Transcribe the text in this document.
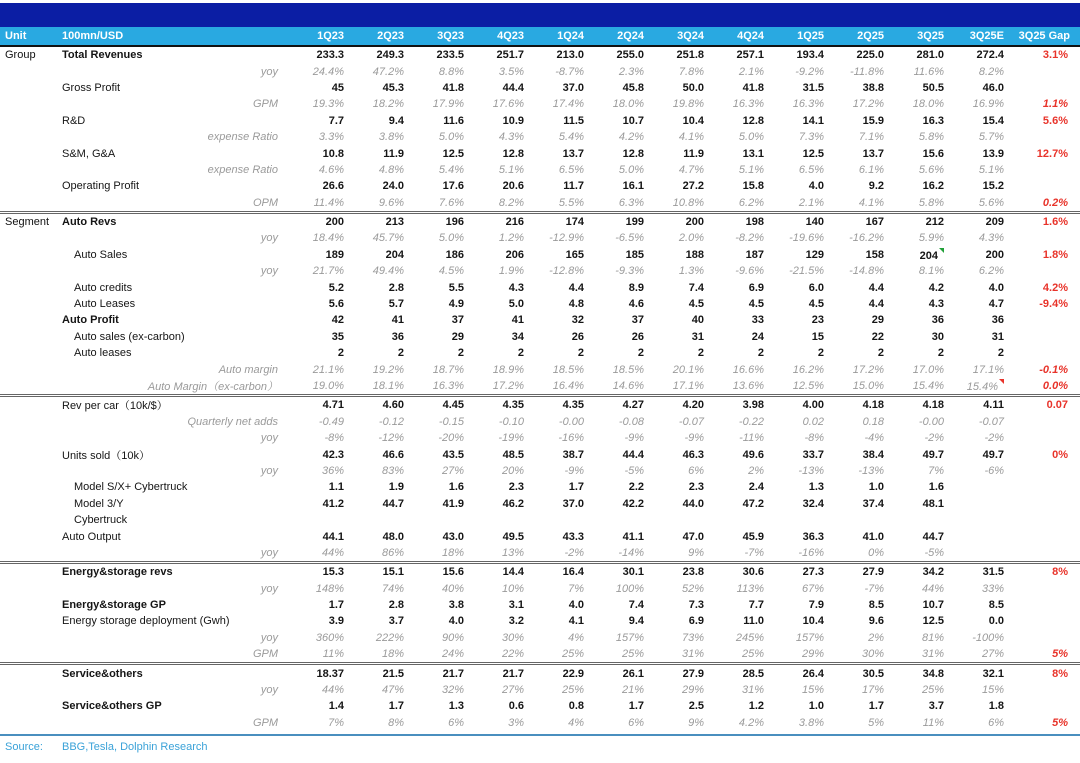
Unit	100mn/USD	1Q23	2Q23	3Q23	4Q23	1Q24	2Q24	3Q24	4Q24	1Q25	2Q25	3Q25	3Q25E	3Q25 Gap
Group	Total Revenues	233.3	249.3	233.5	251.7	213.0	255.0	251.8	257.1	193.4	225.0	281.0	272.4	3.1%
	yoy	24.4%	47.2%	8.8%	3.5%	-8.7%	2.3%	7.8%	2.1%	-9.2%	-11.8%	11.6%	8.2%	
	Gross Profit	45	45.3	41.8	44.4	37.0	45.8	50.0	41.8	31.5	38.8	50.5	46.0	
	GPM	19.3%	18.2%	17.9%	17.6%	17.4%	18.0%	19.8%	16.3%	16.3%	17.2%	18.0%	16.9%	1.1%
	R&D	7.7	9.4	11.6	10.9	11.5	10.7	10.4	12.8	14.1	15.9	16.3	15.4	5.6%
	expense Ratio	3.3%	3.8%	5.0%	4.3%	5.4%	4.2%	4.1%	5.0%	7.3%	7.1%	5.8%	5.7%	
	S&M, G&A	10.8	11.9	12.5	12.8	13.7	12.8	11.9	13.1	12.5	13.7	15.6	13.9	12.7%
	expense Ratio	4.6%	4.8%	5.4%	5.1%	6.5%	5.0%	4.7%	5.1%	6.5%	6.1%	5.6%	5.1%	
	Operating Profit	26.6	24.0	17.6	20.6	11.7	16.1	27.2	15.8	4.0	9.2	16.2	15.2	
	OPM	11.4%	9.6%	7.6%	8.2%	5.5%	6.3%	10.8%	6.2%	2.1%	4.1%	5.8%	5.6%	0.2%
Segment	Auto Revs	200	213	196	216	174	199	200	198	140	167	212	209	1.6%
	yoy	18.4%	45.7%	5.0%	1.2%	-12.9%	-6.5%	2.0%	-8.2%	-19.6%	-16.2%	5.9%	4.3%	
	Auto Sales	189	204	186	206	165	185	188	187	129	158	204	200	1.8%
	yoy	21.7%	49.4%	4.5%	1.9%	-12.8%	-9.3%	1.3%	-9.6%	-21.5%	-14.8%	8.1%	6.2%	
	Auto credits	5.2	2.8	5.5	4.3	4.4	8.9	7.4	6.9	6.0	4.4	4.2	4.0	4.2%
	Auto Leases	5.6	5.7	4.9	5.0	4.8	4.6	4.5	4.5	4.5	4.4	4.3	4.7	-9.4%
	Auto Profit	42	41	37	41	32	37	40	33	23	29	36	36	
	Auto sales (ex-carbon)	35	36	29	34	26	26	31	24	15	22	30	31	
	Auto leases	2	2	2	2	2	2	2	2	2	2	2	2	
	Auto margin	21.1%	19.2%	18.7%	18.9%	18.5%	18.5%	20.1%	16.6%	16.2%	17.2%	17.0%	17.1%	-0.1%
	Auto Margin（ex-carbon）	19.0%	18.1%	16.3%	17.2%	16.4%	14.6%	17.1%	13.6%	12.5%	15.0%	15.4%	15.4%	0.0%
	Rev per car（10k/$）	4.71	4.60	4.45	4.35	4.35	4.27	4.20	3.98	4.00	4.18	4.18	4.11	0.07
	Quarterly net adds	-0.49	-0.12	-0.15	-0.10	-0.00	-0.08	-0.07	-0.22	0.02	0.18	-0.00	-0.07	
	yoy	-8%	-12%	-20%	-19%	-16%	-9%	-9%	-11%	-8%	-4%	-2%	-2%	
	Units sold（10k）	42.3	46.6	43.5	48.5	38.7	44.4	46.3	49.6	33.7	38.4	49.7	49.7	0%
	yoy	36%	83%	27%	20%	-9%	-5%	6%	2%	-13%	-13%	7%	-6%	
	Model S/X+ Cybertruck	1.1	1.9	1.6	2.3	1.7	2.2	2.3	2.4	1.3	1.0	1.6		
	Model 3/Y	41.2	44.7	41.9	46.2	37.0	42.2	44.0	47.2	32.4	37.4	48.1		
	Cybertruck													
	Auto Output	44.1	48.0	43.0	49.5	43.3	41.1	47.0	45.9	36.3	41.0	44.7		
	yoy	44%	86%	18%	13%	-2%	-14%	9%	-7%	-16%	0%	-5%		
	Energy&storage revs	15.3	15.1	15.6	14.4	16.4	30.1	23.8	30.6	27.3	27.9	34.2	31.5	8%
	yoy	148%	74%	40%	10%	7%	100%	52%	113%	67%	-7%	44%	33%	
	Energy&storage GP	1.7	2.8	3.8	3.1	4.0	7.4	7.3	7.7	7.9	8.5	10.7	8.5	
	Energy storage deployment (Gwh)	3.9	3.7	4.0	3.2	4.1	9.4	6.9	11.0	10.4	9.6	12.5	0.0	
	yoy	360%	222%	90%	30%	4%	157%	73%	245%	157%	2%	81%	-100%	
	GPM	11%	18%	24%	22%	25%	25%	31%	25%	29%	30%	31%	27%	5%
	Service&others	18.37	21.5	21.7	21.7	22.9	26.1	27.9	28.5	26.4	30.5	34.8	32.1	8%
	yoy	44%	47%	32%	27%	25%	21%	29%	31%	15%	17%	25%	15%	
	Service&others GP	1.4	1.7	1.3	0.6	0.8	1.7	2.5	1.2	1.0	1.7	3.7	1.8	
	GPM	7%	8%	6%	3%	4%	6%	9%	4.2%	3.8%	5%	11%	6%	5%
Source:	BBG,Tesla, Dolphin Research
